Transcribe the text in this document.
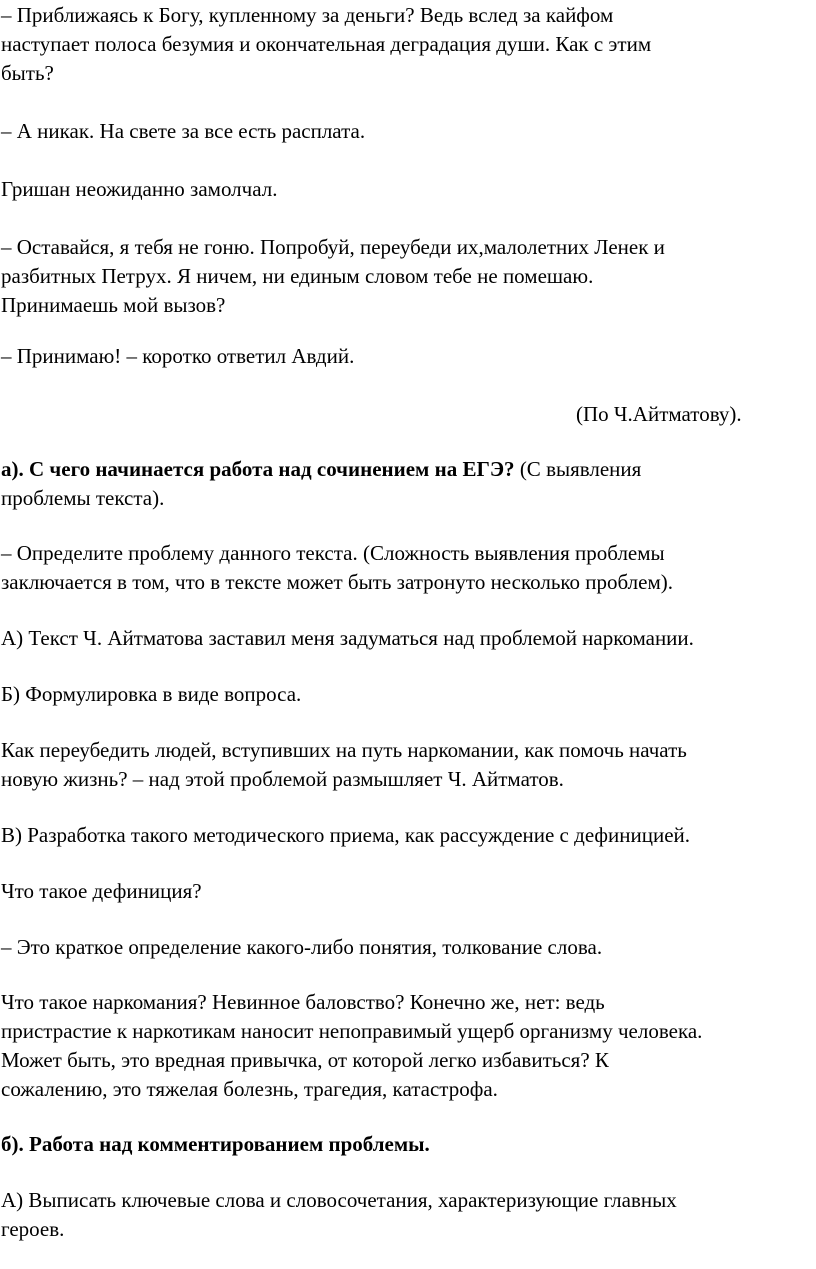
– Приближаясь к Богу, купленному за деньги? Ведь вслед за кайфом
наступает полоса безумия и окончательная деградация души. Как с этим
быть?

– А никак. На свете за все есть расплата.

Гришан неожиданно замолчал.

– Оставайся, я тебя не гоню. Попробуй, переубеди их,малолетних Ленек и
разбитных Петрух. Я ничем, ни единым словом тебе не помешаю.
Принимаешь мой вызов?

– Принимаю! – коротко ответил Авдий.

(По Ч.Айтматову).

а). С чего начинается работа над сочинением на ЕГЭ? (С выявления
проблемы текста).

– Определите проблему данного текста. (Сложность выявления проблемы
заключается в том, что в тексте может быть затронуто несколько проблем).

А) Текст Ч. Айтматова заставил меня задуматься над проблемой наркомании.

Б) Формулировка в виде вопроса.

Как переубедить людей, вступивших на путь наркомании, как помочь начать
новую жизнь? – над этой проблемой размышляет Ч. Айтматов.

В) Разработка такого методического приема, как рассуждение с дефиницией.

Что такое дефиниция?

– Это краткое определение какого-либо понятия, толкование слова.

Что такое наркомания? Невинное баловство? Конечно же, нет: ведь
пристрастие к наркотикам наносит непоправимый ущерб организму человека.
Может быть, это вредная привычка, от которой легко избавиться? К
сожалению, это тяжелая болезнь, трагедия, катастрофа.

б). Работа над комментированием проблемы.

А) Выписать ключевые слова и словосочетания, характеризующие главных
героев.
